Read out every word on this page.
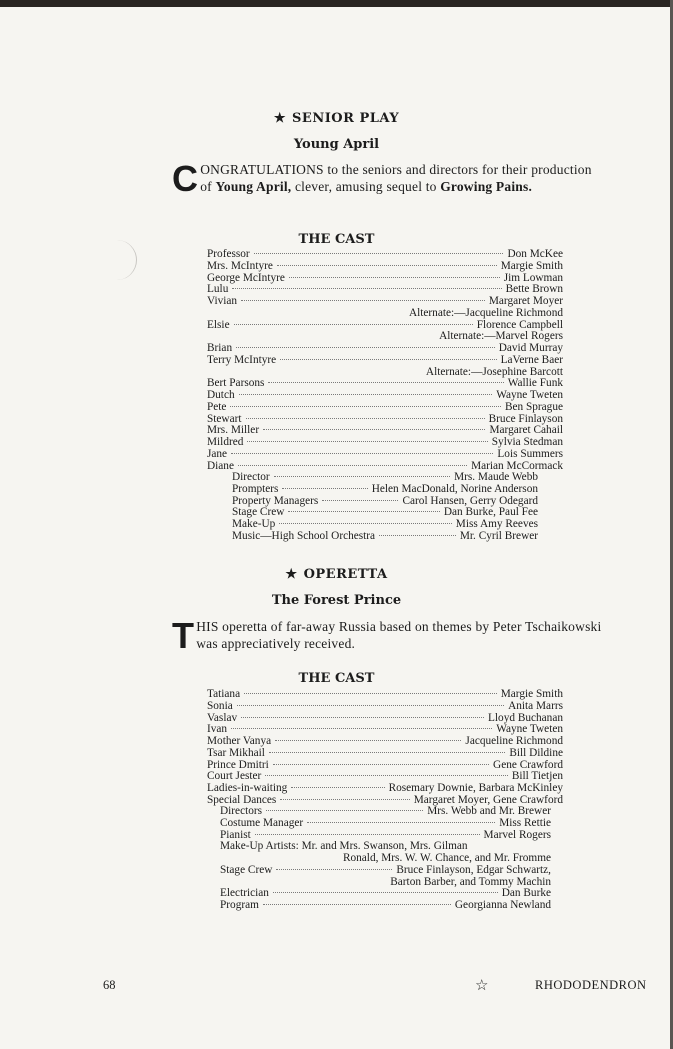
★ SENIOR PLAY
Young April
CONGRATULATIONS to the seniors and directors for their production of Young April, clever, amusing sequel to Growing Pains.
THE CAST
Professor	Don McKee
Mrs. McIntyre	Margie Smith
George McIntyre	Jim Lowman
Lulu	Bette Brown
Vivian	Margaret Moyer
Alternate:—Jacqueline Richmond
Elsie	Florence Campbell
Alternate:—Marvel Rogers
Brian	David Murray
Terry McIntyre	LaVerne Baer
Alternate:—Josephine Barcott
Bert Parsons	Wallie Funk
Dutch	Wayne Tweten
Pete	Ben Sprague
Stewart	Bruce Finlayson
Mrs. Miller	Margaret Cahail
Mildred	Sylvia Stedman
Jane	Lois Summers
Diane	Marian McCormack
Director	Mrs. Maude Webb
Prompters	Helen MacDonald, Norine Anderson
Property Managers	Carol Hansen, Gerry Odegard
Stage Crew	Dan Burke, Paul Fee
Make-Up	Miss Amy Reeves
Music—High School Orchestra	Mr. Cyril Brewer
★ OPERETTA
The Forest Prince
THIS operetta of far-away Russia based on themes by Peter Tschaikowski was appreciatively received.
THE CAST
Tatiana	Margie Smith
Sonia	Anita Marrs
Vaslav	Lloyd Buchanan
Ivan	Wayne Tweten
Mother Vanya	Jacqueline Richmond
Tsar Mikhail	Bill Dildine
Prince Dmitri	Gene Crawford
Court Jester	Bill Tietjen
Ladies-in-waiting	Rosemary Downie, Barbara McKinley
Special Dances	Margaret Moyer, Gene Crawford
Directors	Mrs. Webb and Mr. Brewer
Costume Manager	Miss Rettie
Pianist	Marvel Rogers
Make-Up Artists: Mr. and Mrs. Swanson, Mrs. Gilman
Ronald, Mrs. W. W. Chance, and Mr. Fromme
Stage Crew	Bruce Finlayson, Edgar Schwartz,
Barton Barber, and Tommy Machin
Electrician	Dan Burke
Program	Georgianna Newland
68	☆	RHODODENDRON
